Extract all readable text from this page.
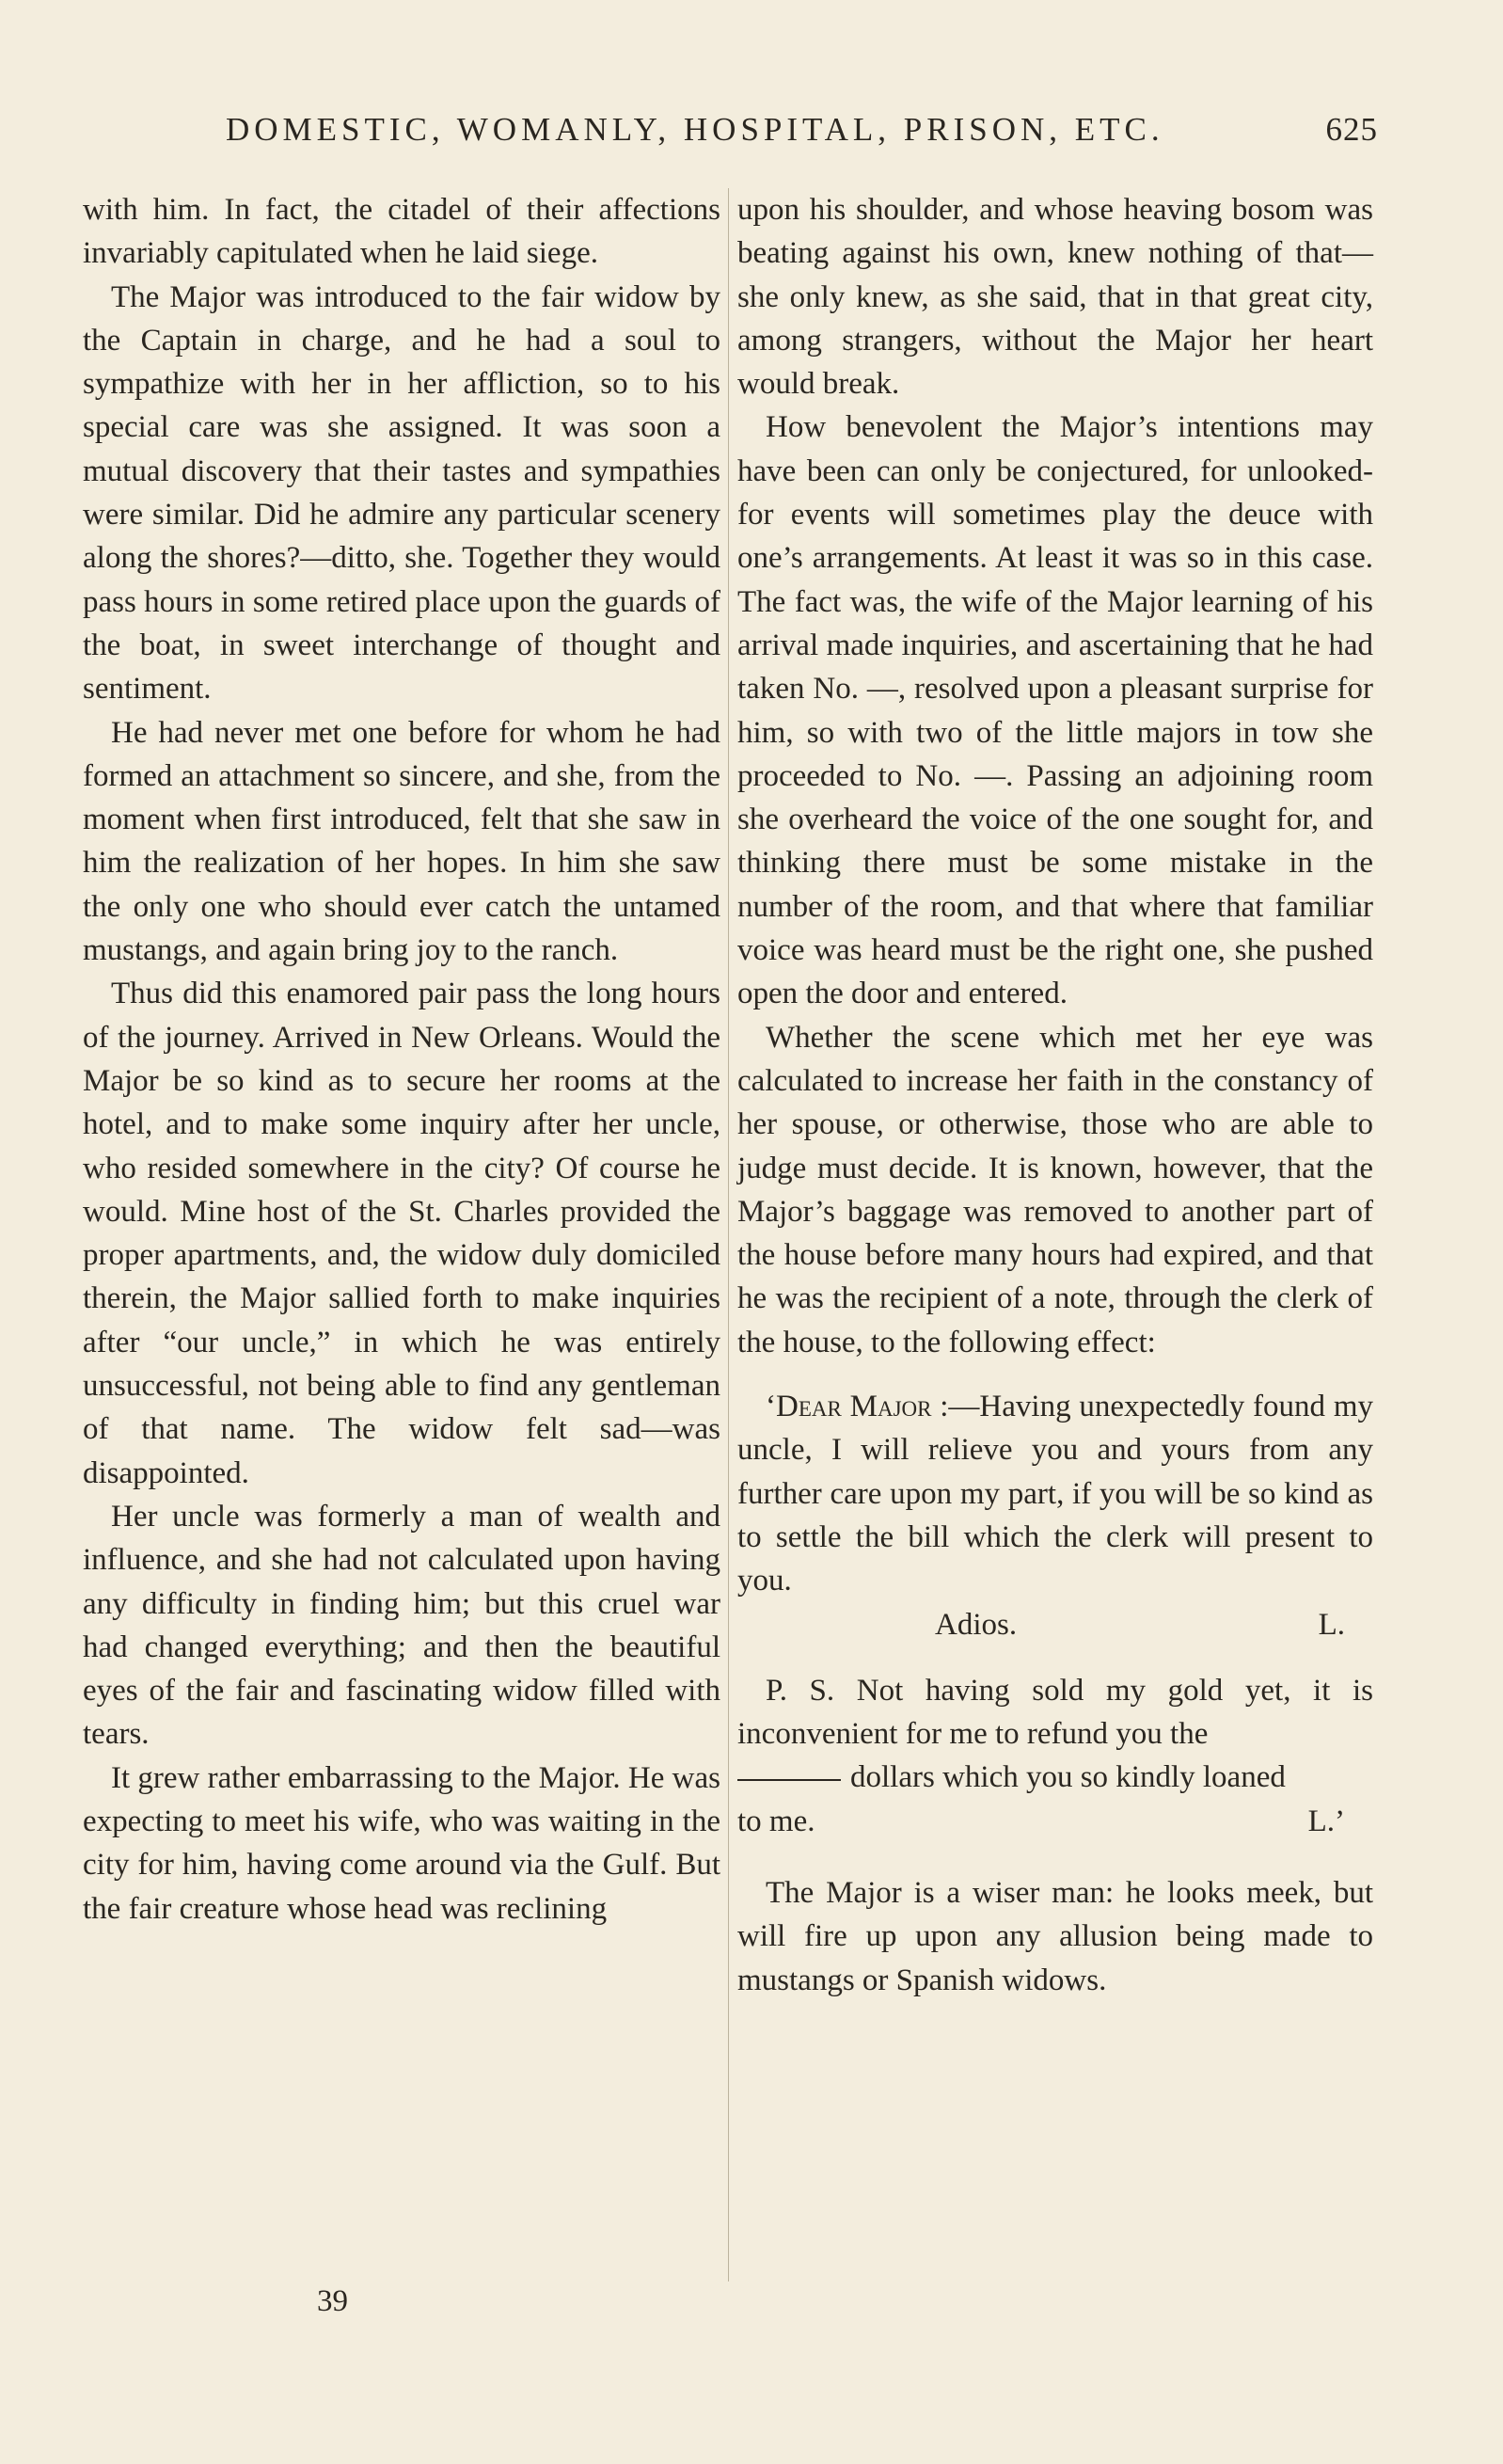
DOMESTIC, WOMANLY, HOSPITAL, PRISON, ETC.	625

with him. In fact, the citadel of their affections invariably capitulated when he laid siege.

The Major was introduced to the fair widow by the Captain in charge, and he had a soul to sympathize with her in her affliction, so to his special care was she assigned. It was soon a mutual discovery that their tastes and sympathies were similar. Did he admire any particular scenery along the shores?—ditto, she. Together they would pass hours in some retired place upon the guards of the boat, in sweet interchange of thought and sentiment.

He had never met one before for whom he had formed an attachment so sincere, and she, from the moment when first introduced, felt that she saw in him the realization of her hopes. In him she saw the only one who should ever catch the untamed mustangs, and again bring joy to the ranch.

Thus did this enamored pair pass the long hours of the journey. Arrived in New Orleans. Would the Major be so kind as to secure her rooms at the hotel, and to make some inquiry after her uncle, who resided somewhere in the city? Of course he would. Mine host of the St. Charles provided the proper apartments, and, the widow duly domiciled therein, the Major sallied forth to make inquiries after “our uncle,” in which he was entirely unsuccessful, not being able to find any gentleman of that name. The widow felt sad—was disappointed.

Her uncle was formerly a man of wealth and influence, and she had not calculated upon having any difficulty in finding him; but this cruel war had changed everything; and then the beautiful eyes of the fair and fascinating widow filled with tears.

It grew rather embarrassing to the Major. He was expecting to meet his wife, who was waiting in the city for him, having come around via the Gulf. But the fair creature whose head was reclining

upon his shoulder, and whose heaving bosom was beating against his own, knew nothing of that—she only knew, as she said, that in that great city, among strangers, without the Major her heart would break.

How benevolent the Major’s intentions may have been can only be conjectured, for unlooked-for events will sometimes play the deuce with one’s arrangements. At least it was so in this case. The fact was, the wife of the Major learning of his arrival made inquiries, and ascertaining that he had taken No. —, resolved upon a pleasant surprise for him, so with two of the little majors in tow she proceeded to No. —. Passing an adjoining room she overheard the voice of the one sought for, and thinking there must be some mistake in the number of the room, and that where that familiar voice was heard must be the right one, she pushed open the door and entered.

Whether the scene which met her eye was calculated to increase her faith in the constancy of her spouse, or otherwise, those who are able to judge must decide. It is known, however, that the Major’s baggage was removed to another part of the house before many hours had expired, and that he was the recipient of a note, through the clerk of the house, to the following effect:

‘Dear Major :—Having unexpectedly found my uncle, I will relieve you and yours from any further care upon my part, if you will be so kind as to settle the bill which the clerk will present to you.

Adios.	L.

P. S. Not having sold my gold yet, it is inconvenient for me to refund you the

dollars which you so kindly loaned

to me.	L.’

The Major is a wiser man: he looks meek, but will fire up upon any allusion being made to mustangs or Spanish widows.

39
